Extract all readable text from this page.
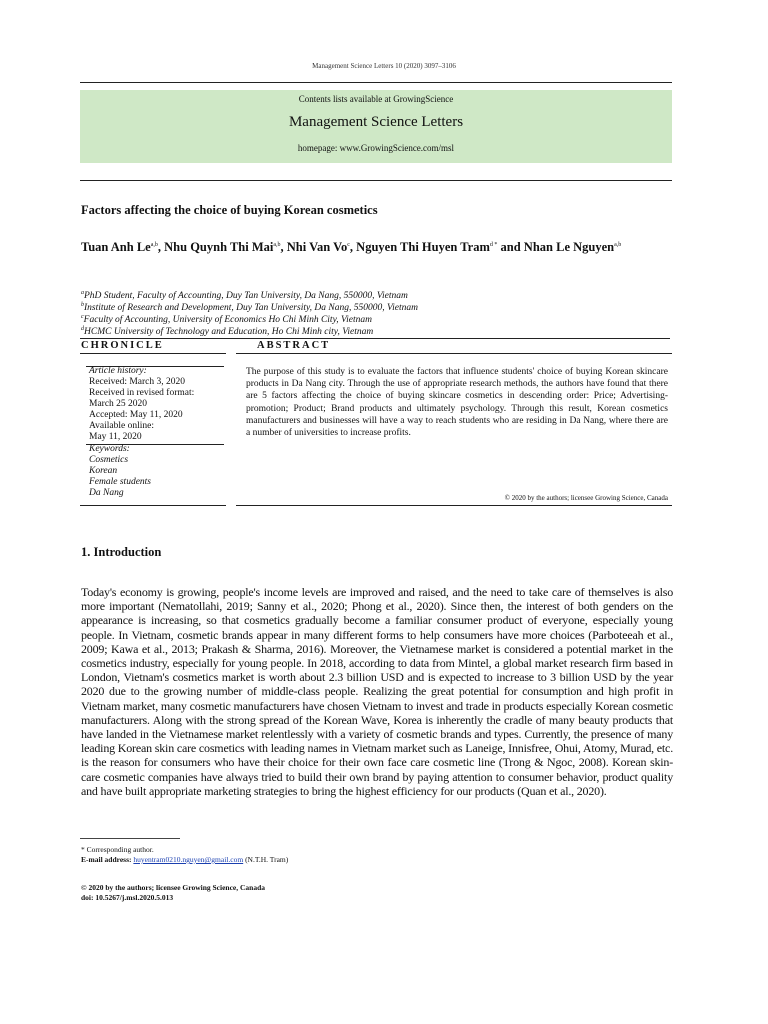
Management Science Letters 10 (2020) 3097–3106
Contents lists available at GrowingScience
Management Science Letters
homepage: www.GrowingScience.com/msl
Factors affecting the choice of buying Korean cosmetics
Tuan Anh Le$^{a,b}$, Nhu Quynh Thi Mai$^{a,b}$, Nhi Van Vo$^c$, Nguyen Thi Huyen Tram$^{d *}$ and Nhan Le Nguyen$^{a,b}$
$^a$PhD Student, Faculty of Accounting, Duy Tan University, Da Nang, 550000, Vietnam
$^b$Institute of Research and Development, Duy Tan University, Da Nang, 550000, Vietnam
$^c$Faculty of Accounting, University of Economics Ho Chi Minh City, Vietnam
$^d$HCMC University of Technology and Education, Ho Chi Minh city, Vietnam
CHRONICLE	ABSTRACT
Article history:
Received: March 3, 2020
Received in revised format:
March 25 2020
Accepted: May 11, 2020
Available online:
May 11, 2020
Keywords:
Cosmetics
Korean
Female students
Da Nang
The purpose of this study is to evaluate the factors that influence students' choice of buying Korean skincare products in Da Nang city. Through the use of appropriate research methods, the authors have found that there are 5 factors affecting the choice of buying skincare cosmetics in descending order: Price; Advertising-promotion; Product; Brand products and ultimately psychology. Through this result, Korean cosmetics manufacturers and businesses will have a way to reach students who are residing in Da Nang, where there are a number of universities to increase profits.
© 2020 by the authors; licensee Growing Science, Canada
1. Introduction
Today's economy is growing, people's income levels are improved and raised, and the need to take care of themselves is also more important (Nematollahi, 2019; Sanny et al., 2020; Phong et al., 2020). Since then, the interest of both genders on the appearance is increasing, so that cosmetics gradually become a familiar consumer product of everyone, especially young people. In Vietnam, cosmetic brands appear in many different forms to help consumers have more choices (Parboteeah et al., 2009; Kawa et al., 2013; Prakash & Sharma, 2016). Moreover, the Vietnamese market is considered a potential market in the cosmetics industry, especially for young people. In 2018, according to data from Mintel, a global market research firm based in London, Vietnam's cosmetics market is worth about 2.3 billion USD and is expected to increase to 3 billion USD by the year 2020 due to the growing number of middle-class people. Realizing the great potential for consumption and high profit in Vietnam market, many cosmetic manufacturers have chosen Vietnam to invest and trade in products especially Korean cosmetic manufacturers. Along with the strong spread of the Korean Wave, Korea is inherently the cradle of many beauty products that have landed in the Vietnamese market relentlessly with a variety of cosmetic brands and types. Currently, the presence of many leading Korean skin care cosmetics with leading names in Vietnam market such as Laneige, Innisfree, Ohui, Atomy, Murad, etc. is the reason for consumers who have their choice for their own face care cosmetic line (Trong & Ngoc, 2008). Korean skin-care cosmetic companies have always tried to build their own brand by paying attention to consumer behavior, product quality and have built appropriate marketing strategies to bring the highest efficiency for our products (Quan et al., 2020).
* Corresponding author.
E-mail address: huyentram0210.nguyen@gmail.com (N.T.H. Tram)
© 2020 by the authors; licensee Growing Science, Canada
doi: 10.5267/j.msl.2020.5.013
